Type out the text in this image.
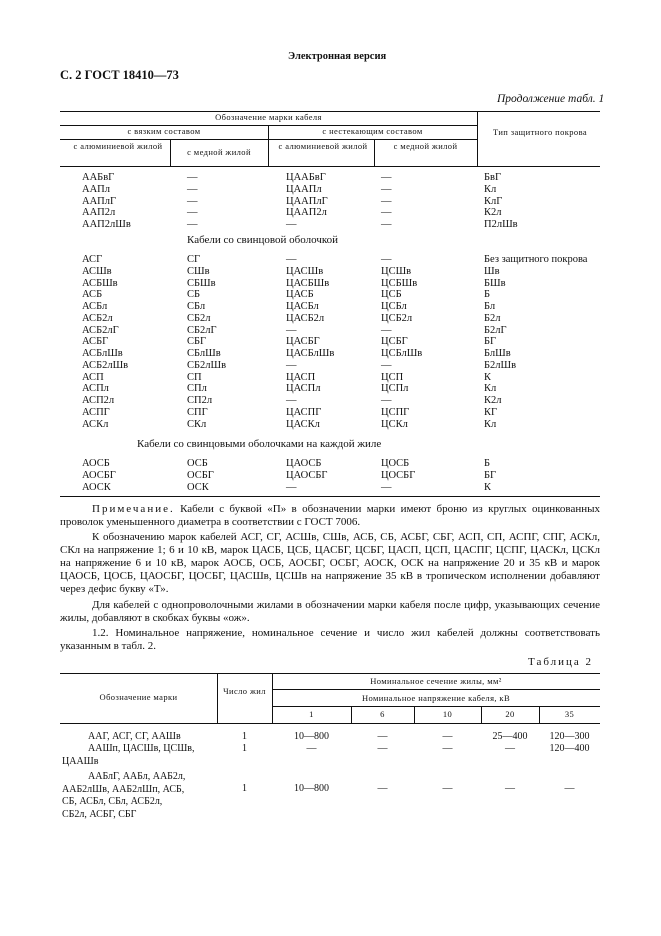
Электронная версия
С. 2 ГОСТ 18410—73
Продолжение табл. 1
Обозначение марки кабеля
Тип защитного покрова
с вязким составом	с нестекающим составом
с алюминиевой жилой
с медной жилой
с алюминиевой жилой	с медной жилой
ААБвГ	—	ЦААБвГ	—	БвГ
ААПл	—	ЦААПл	—	Кл
ААПлГ	—	ЦААПлГ	—	КлГ
ААП2л	—	ЦААП2л	—	К2л
ААП2лШв	—	—	—	П2лШв
Кабели со свинцовой оболочкой
АСГ	СГ	—	—	Без защитного покрова
АСШв	СШв	ЦАСШв	ЦСШв	Шв
АСБШв	СБШв	ЦАСБШв	ЦСБШв	БШв
АСБ	СБ	ЦАСБ	ЦСБ	Б
АСБл	СБл	ЦАСБл	ЦСБл	Бл
АСБ2л	СБ2л	ЦАСБ2л	ЦСБ2л	Б2л
АСБ2лГ	СБ2лГ	—	—	Б2лГ
АСБГ	СБГ	ЦАСБГ	ЦСБГ	БГ
АСБлШв	СБлШв	ЦАСБлШв	ЦСБлШв	БлШв
АСБ2лШв	СБ2лШв	—	—	Б2лШв
АСП	СП	ЦАСП	ЦСП	К
АСПл	СПл	ЦАСПл	ЦСПл	Кл
АСП2л	СП2л	—	—	К2л
АСПГ	СПГ	ЦАСПГ	ЦСПГ	КГ
АСКл	СКл	ЦАСКл	ЦСКл	Кл
Кабели со свинцовыми оболочками на каждой жиле
АОСБ	ОСБ	ЦАОСБ	ЦОСБ	Б
АОСБГ	ОСБГ	ЦАОСБГ	ЦОСБГ	БГ
АОСК	ОСК	—	—	К
Примечание. Кабели с буквой «П» в обозначении марки имеют броню из круглых оцинкованных проволок уменьшенного диаметра в соответствии с ГОСТ 7006.
К обозначению марок кабелей АСГ, СГ, АСШв, СШв, АСБ, СБ, АСБГ, СБГ, АСП, СП, АСПГ, СПГ, АСКл, СКл на напряжение 1; 6 и 10 кВ, марок ЦАСБ, ЦСБ, ЦАСБГ, ЦСБГ, ЦАСП, ЦСП, ЦАСПГ, ЦСПГ, ЦАСКл, ЦСКл на напряжение 6 и 10 кВ, марок АОСБ, ОСБ, АОСБГ, ОСБГ, АОСК, ОСК на напряжение 20 и 35 кВ и марок ЦАОСБ, ЦОСБ, ЦАОСБГ, ЦОСБГ, ЦАСШв, ЦСШв на напряжение 35 кВ в тропическом исполнении добавляют через дефис букву «Т».
Для кабелей с однопроволочными жилами в обозначении марки кабеля после цифр, указывающих сечение жилы, добавляют в скобках буквы «ож».
1.2. Номинальное напряжение, номинальное сечение и число жил кабелей должны соответствовать указанным в табл. 2.
Таблица 2
Обозначение марки
Число жил
Номинальное сечение жилы, мм²
Номинальное напряжение кабеля, кВ
1	6	10	20	35
ААГ, АСГ, СГ, ААШв	1	10—800	—	—	25—400	120—300
ААШп, ЦАСШв, ЦСШв,
ЦААШв
1	—	—	—	—	120—400
ААБлГ, ААБл, ААБ2л,
ААБ2лШв, ААБ2лШп, АСБ,
СБ, АСБл, СБл, АСБ2л,
СБ2л, АСБГ, СБГ
1	10—800	—	—	—	—
